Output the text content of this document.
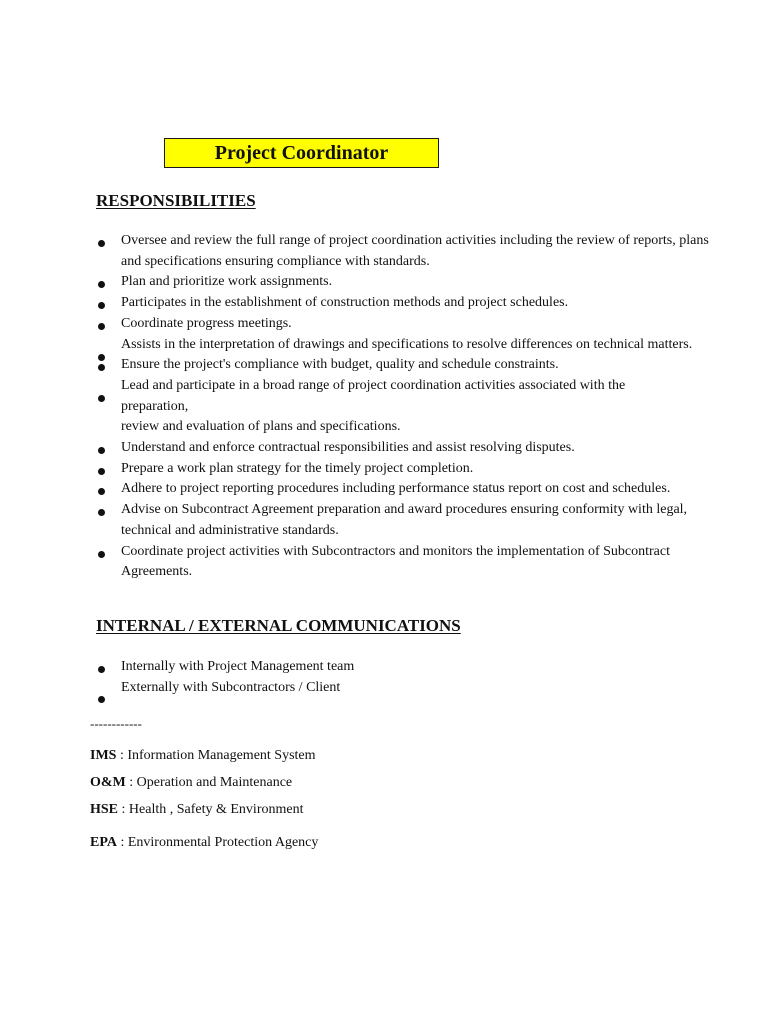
Project Coordinator
RESPONSIBILITIES
Oversee and review the full range of project coordination activities including the review of reports, plans and specifications ensuring compliance with standards.
Plan and prioritize work assignments.
Participates in the establishment of construction methods and project schedules.
Coordinate progress meetings.
Assists in the interpretation of drawings and specifications to resolve differences on technical matters.
Ensure the project's compliance with budget, quality and schedule constraints.
Lead and participate in a broad range of project coordination activities associated with the preparation,
review and evaluation of plans and specifications.
Understand and enforce contractual responsibilities and assist resolving disputes.
Prepare a work plan strategy for the timely project completion.
Adhere to project reporting procedures including performance status report on cost and schedules.
Advise on Subcontract Agreement preparation and award procedures ensuring conformity with legal, technical and administrative standards.
Coordinate project activities with Subcontractors and monitors the implementation of Subcontract Agreements.
INTERNAL / EXTERNAL COMMUNICATIONS
Internally with Project Management team
Externally with Subcontractors / Client
------------
IMS : Information Management System
O&M : Operation and Maintenance
HSE : Health , Safety & Environment
EPA : Environmental Protection Agency
